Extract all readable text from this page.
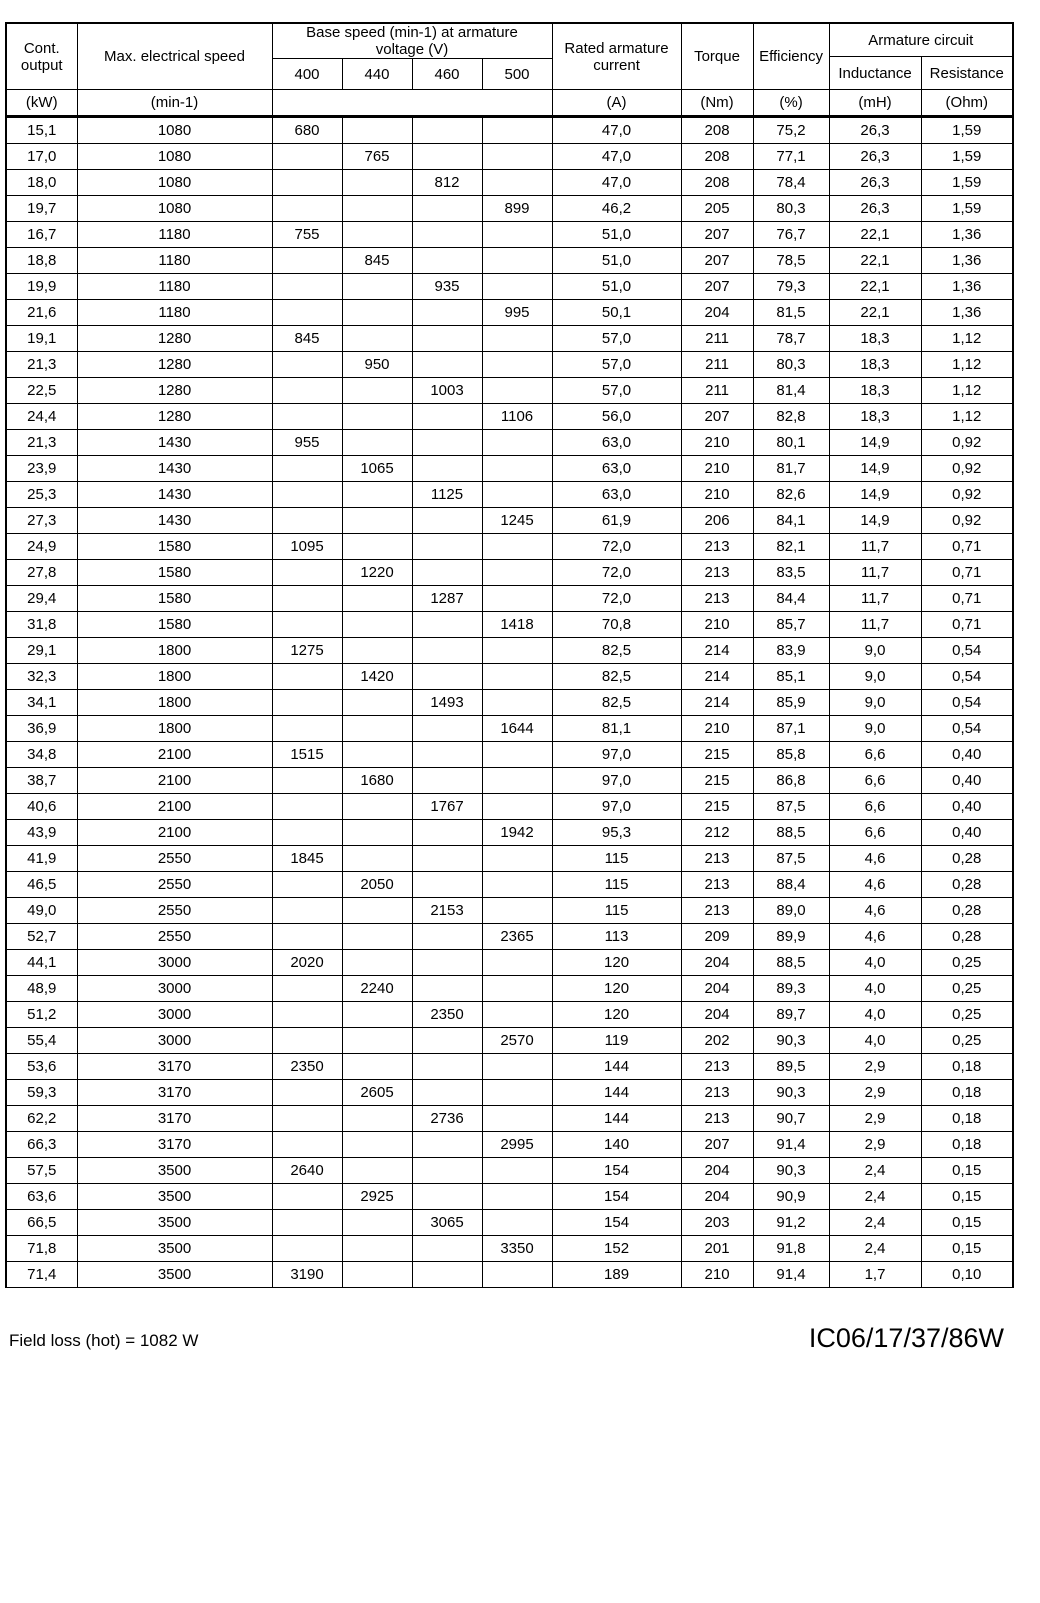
Cont. output	Max. electrical speed	Base speed (min-1) at armature voltage (V)				Rated armature current	Torque	Efficiency	Armature circuit	
									Inductance	Resistance
		400	440	460	500					
(kW)	(min-1)					(A)	(Nm)	(%)	(mH)	(Ohm)
15,1	1080	680				47,0	208	75,2	26,3	1,59
17,0	1080		765			47,0	208	77,1	26,3	1,59
18,0	1080			812		47,0	208	78,4	26,3	1,59
19,7	1080				899	46,2	205	80,3	26,3	1,59
16,7	1180	755				51,0	207	76,7	22,1	1,36
18,8	1180		845			51,0	207	78,5	22,1	1,36
19,9	1180			935		51,0	207	79,3	22,1	1,36
21,6	1180				995	50,1	204	81,5	22,1	1,36
19,1	1280	845				57,0	211	78,7	18,3	1,12
21,3	1280		950			57,0	211	80,3	18,3	1,12
22,5	1280			1003		57,0	211	81,4	18,3	1,12
24,4	1280				1106	56,0	207	82,8	18,3	1,12
21,3	1430	955				63,0	210	80,1	14,9	0,92
23,9	1430		1065			63,0	210	81,7	14,9	0,92
25,3	1430			1125		63,0	210	82,6	14,9	0,92
27,3	1430				1245	61,9	206	84,1	14,9	0,92
24,9	1580	1095				72,0	213	82,1	11,7	0,71
27,8	1580		1220			72,0	213	83,5	11,7	0,71
29,4	1580			1287		72,0	213	84,4	11,7	0,71
31,8	1580				1418	70,8	210	85,7	11,7	0,71
29,1	1800	1275				82,5	214	83,9	9,0	0,54
32,3	1800		1420			82,5	214	85,1	9,0	0,54
34,1	1800			1493		82,5	214	85,9	9,0	0,54
36,9	1800				1644	81,1	210	87,1	9,0	0,54
34,8	2100	1515				97,0	215	85,8	6,6	0,40
38,7	2100		1680			97,0	215	86,8	6,6	0,40
40,6	2100			1767		97,0	215	87,5	6,6	0,40
43,9	2100				1942	95,3	212	88,5	6,6	0,40
41,9	2550	1845				115	213	87,5	4,6	0,28
46,5	2550		2050			115	213	88,4	4,6	0,28
49,0	2550			2153		115	213	89,0	4,6	0,28
52,7	2550				2365	113	209	89,9	4,6	0,28
44,1	3000	2020				120	204	88,5	4,0	0,25
48,9	3000		2240			120	204	89,3	4,0	0,25
51,2	3000			2350		120	204	89,7	4,0	0,25
55,4	3000				2570	119	202	90,3	4,0	0,25
53,6	3170	2350				144	213	89,5	2,9	0,18
59,3	3170		2605			144	213	90,3	2,9	0,18
62,2	3170			2736		144	213	90,7	2,9	0,18
66,3	3170				2995	140	207	91,4	2,9	0,18
57,5	3500	2640				154	204	90,3	2,4	0,15
63,6	3500		2925			154	204	90,9	2,4	0,15
66,5	3500			3065		154	203	91,2	2,4	0,15
71,8	3500				3350	152	201	91,8	2,4	0,15
71,4	3500	3190				189	210	91,4	1,7	0,10
Field loss (hot) = 1082 W	IC06/17/37/86W
